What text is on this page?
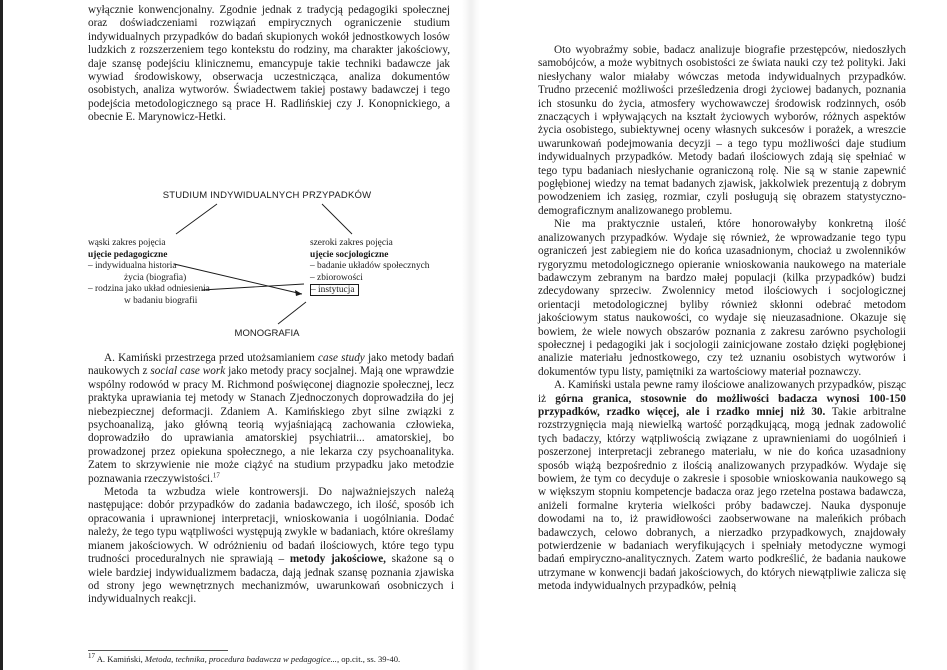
wyłącznie konwencjonalny. Zgodnie jednak z tradycją pedagogiki społecznej oraz doświadczeniami rozwiązań empirycznych ograniczenie studium indywidualnych przypadków do badań skupionych wokół jednostkowych losów ludzkich z rozszerzeniem tego kontekstu do rodziny, ma charakter jakościowy, daje szansę podejściu klinicznemu, emancypuje takie techniki badawcze jak wywiad środowiskowy, obserwacja uczestnicząca, analiza dokumentów osobistych, analiza wytworów. Świadectwem takiej postawy badawczej i tego podejścia metodologicznego są prace H. Radlińskiej czy J. Konopnickiego, a obecnie E. Marynowicz-Hetki.

STUDIUM INDYWIDUALNYCH PRZYPADKÓW
wąski zakres pojęcia
ujęcie pedagogiczne
– indywidualna historia
życia (biografia)
– rodzina jako układ odniesienia
w badaniu biografii
szeroki zakres pojęcia
ujęcie socjologiczne
– badanie układów społecznych
– zbiorowości
– instytucja
MONOGRAFIA

A. Kamiński przestrzega przed utożsamianiem case study jako metody badań naukowych z social case work jako metody pracy socjalnej. Mają one wprawdzie wspólny rodowód w pracy M. Richmond poświęconej diagnozie społecznej, lecz praktyka uprawiania tej metody w Stanach Zjednoczonych doprowadziła do jej niebezpiecznej deformacji. Zdaniem A. Kamińskiego zbyt silne związki z psychoanalizą, jako główną teorią wyjaśniającą zachowania człowieka, doprowadziło do uprawiania amatorskiej psychiatrii... amatorskiej, bo prowadzonej przez opiekuna społecznego, a nie lekarza czy psychoanalityka. Zatem to skrzywienie nie może ciążyć na studium przypadku jako metodzie poznawania rzeczywistości.$^{17}$

Metoda ta wzbudza wiele kontrowersji. Do najważniejszych należą następujące: dobór przypadków do zadania badawczego, ich ilość, sposób ich opracowania i uprawnionej interpretacji, wnioskowania i uogólniania. Dodać należy, że tego typu wątpliwości występują zwykle w badaniach, które określamy mianem jakościowych. W odróżnieniu od badań ilościowych, które tego typu trudności proceduralnych nie sprawiają – metody jakościowe, skażone są o wiele bardziej indywidualizmem badacza, dają jednak szansę poznania zjawiska od strony jego wewnętrznych mechanizmów, uwarunkowań osobniczych i indywidualnych reakcji.

$^{17}$ A. Kamiński, Metoda, technika, procedura badawcza w pedagogice..., op.cit., ss. 39-40.

Oto wyobraźmy sobie, badacz analizuje biografie przestępców, niedoszłych samobójców, a może wybitnych osobistości ze świata nauki czy też polityki. Jaki niesłychany walor miałaby wówczas metoda indywidualnych przypadków. Trudno przecenić możliwości prześledzenia drogi życiowej badanych, poznania ich stosunku do życia, atmosfery wychowawczej środowisk rodzinnych, osób znaczących i wpływających na kształt życiowych wyborów, różnych aspektów życia osobistego, subiektywnej oceny własnych sukcesów i porażek, a wreszcie uwarunkowań podejmowania decyzji – a tego typu możliwości daje studium indywidualnych przypadków. Metody badań ilościowych zdają się spełniać w tego typu badaniach niesłychanie ograniczoną rolę. Nie są w stanie zapewnić pogłębionej wiedzy na temat badanych zjawisk, jakkolwiek prezentują z dobrym powodzeniem ich zasięg, rozmiar, czyli posługują się obrazem statystyczno-demograficznym analizowanego problemu.

Nie ma praktycznie ustaleń, które honorowałyby konkretną ilość analizowanych przypadków. Wydaje się również, że wprowadzanie tego typu ograniczeń jest zabiegiem nie do końca uzasadnionym, chociaż u zwolenników rygoryzmu metodologicznego opieranie wnioskowania naukowego na materiale badawczym zebranym na bardzo małej populacji (kilka przypadków) budzi zdecydowany sprzeciw. Zwolennicy metod ilościowych i socjologicznej orientacji metodologicznej byliby również skłonni odebrać metodom jakościowym status naukowości, co wydaje się nieuzasadnione. Okazuje się bowiem, że wiele nowych obszarów poznania z zakresu zarówno psychologii społecznej i pedagogiki jak i socjologii zainicjowane zostało dzięki pogłębionej analizie materiału jednostkowego, czy też uznaniu osobistych wytworów i dokumentów typu listy, pamiętniki za wartościowy materiał poznawczy.

A. Kamiński ustala pewne ramy ilościowe analizowanych przypadków, pisząc iż górna granica, stosownie do możliwości badacza wynosi 100-150 przypadków, rzadko więcej, ale i rzadko mniej niż 30. Takie arbitralne rozstrzygnięcia mają niewielką wartość porządkującą, mogą jednak zadowolić tych badaczy, którzy wątpliwością związane z uprawnieniami do uogólnień i poszerzonej interpretacji zebranego materiału, w nie do końca uzasadniony sposób wiążą bezpośrednio z ilością analizowanych przypadków. Wydaje się bowiem, że tym co decyduje o zakresie i sposobie wnioskowania naukowego są w większym stopniu kompetencje badacza oraz jego rzetelna postawa badawcza, aniżeli formalne kryteria wielkości próby badawczej. Nauka dysponuje dowodami na to, iż prawidłowości zaobserwowane na maleńkich próbach badawczych, celowo dobranych, a nierzadko przypadkowych, znajdowały potwierdzenie w badaniach weryfikujących i spełniały metodyczne wymogi badań empiryczno-analitycznych. Zatem warto podkreślić, że badania naukowe utrzymane w konwencji badań jakościowych, do których niewątpliwie zalicza się metoda indywidualnych przypadków, pełnią
